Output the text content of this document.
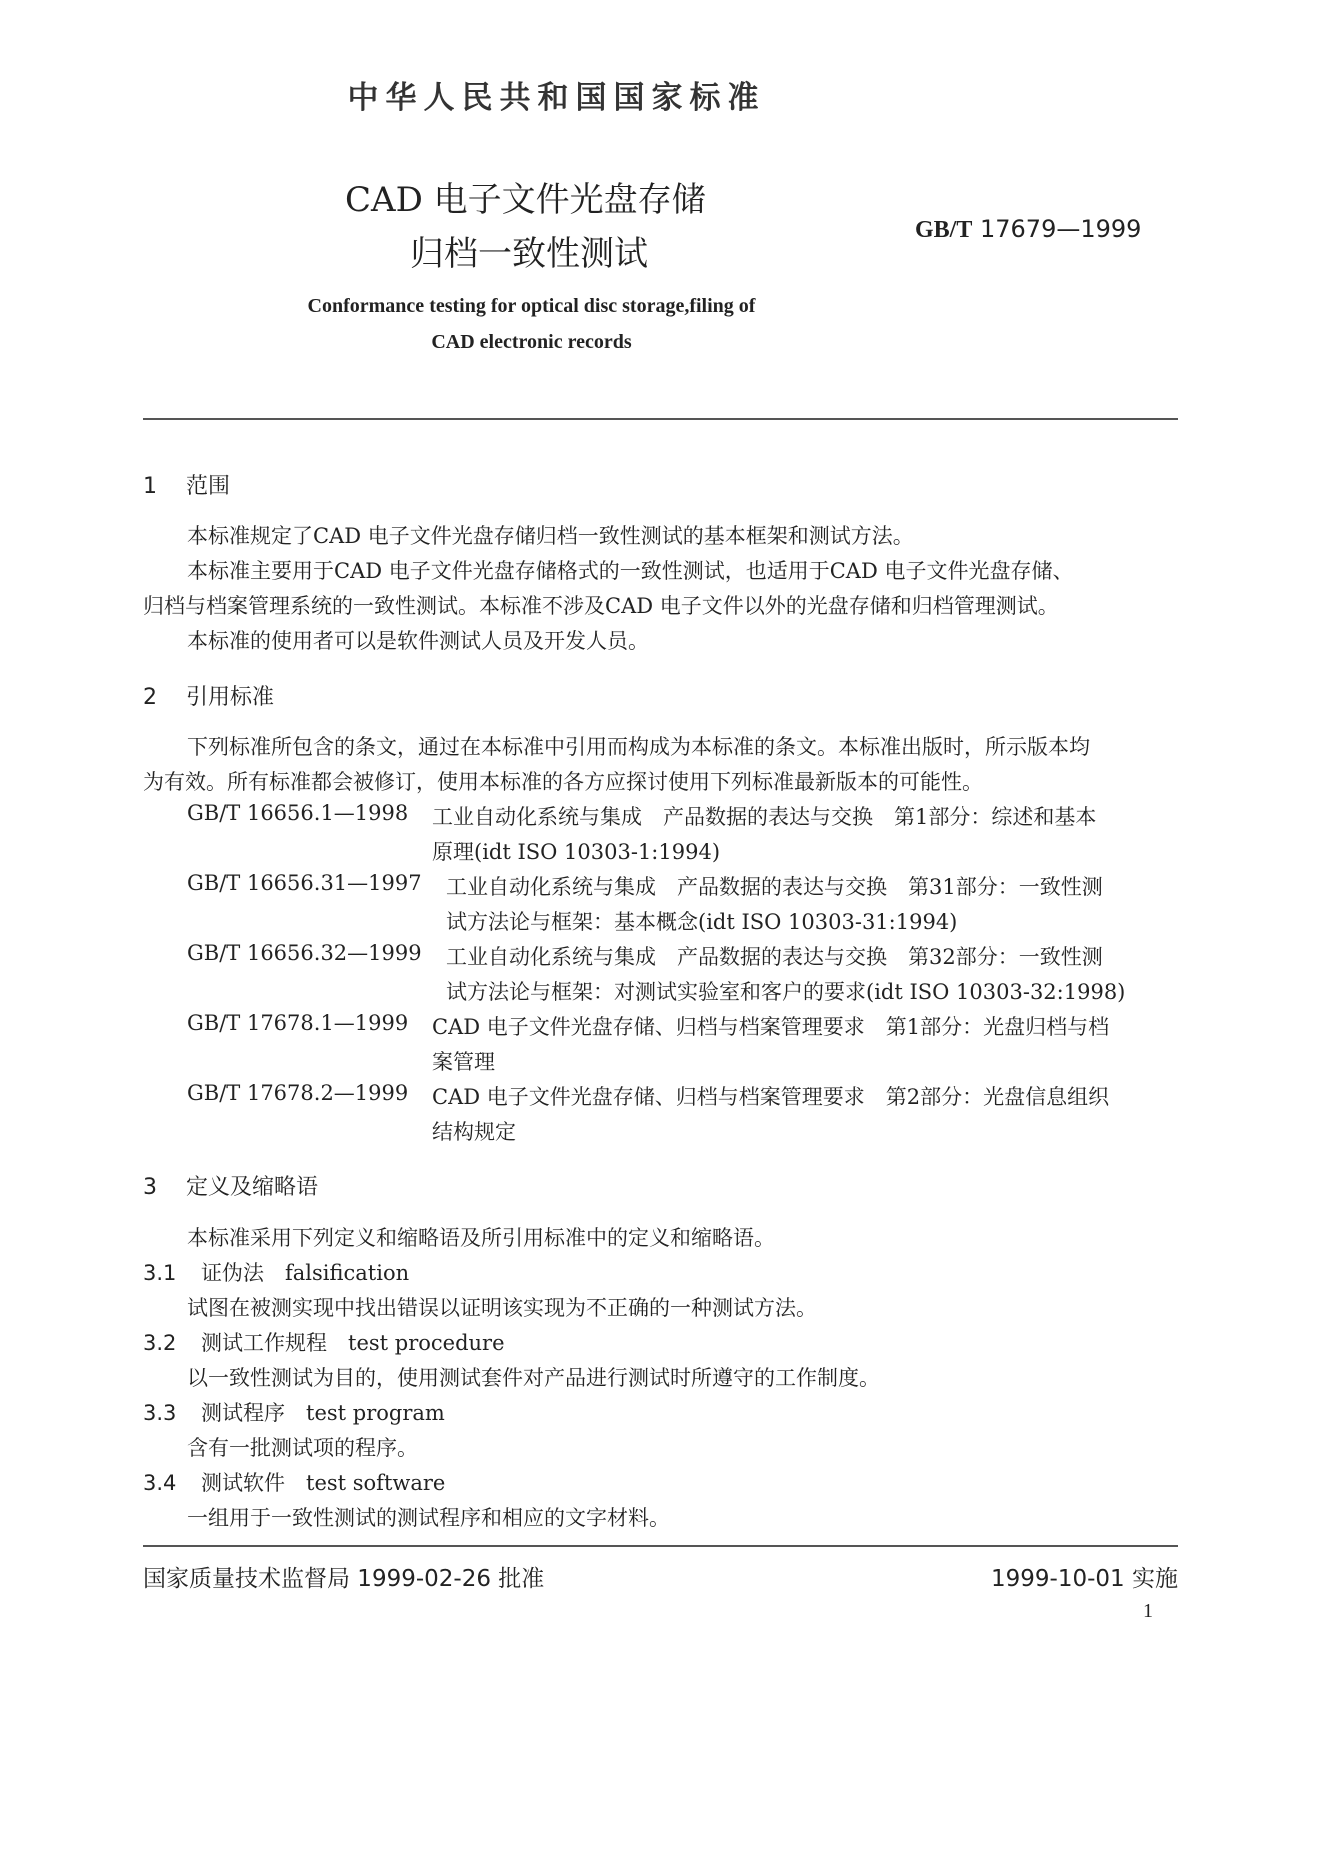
中华人民共和国国家标准
CAD 电子文件光盘存储
归档一致性测试
GB/T 17679—1999
Conformance testing for optical disc storage,filing of
CAD electronic records
1 范围
本标准规定了CAD 电子文件光盘存储归档一致性测试的基本框架和测试方法。
本标准主要用于CAD 电子文件光盘存储格式的一致性测试，也适用于CAD 电子文件光盘存储、
归档与档案管理系统的一致性测试。本标准不涉及CAD 电子文件以外的光盘存储和归档管理测试。
本标准的使用者可以是软件测试人员及开发人员。
2 引用标准
下列标准所包含的条文，通过在本标准中引用而构成为本标准的条文。本标准出版时，所示版本均
为有效。所有标准都会被修订，使用本标准的各方应探讨使用下列标准最新版本的可能性。
GB/T 16656.1—1998 工业自动化系统与集成　产品数据的表达与交换　第1部分：综述和基本
原理(idt ISO 10303-1:1994)
GB/T 16656.31—1997 工业自动化系统与集成　产品数据的表达与交换　第31部分：一致性测
试方法论与框架：基本概念(idt ISO 10303-31:1994)
GB/T 16656.32—1999 工业自动化系统与集成　产品数据的表达与交换　第32部分：一致性测
试方法论与框架：对测试实验室和客户的要求(idt ISO 10303-32:1998)
GB/T 17678.1—1999 CAD 电子文件光盘存储、归档与档案管理要求　第1部分：光盘归档与档
案管理
GB/T 17678.2—1999 CAD 电子文件光盘存储、归档与档案管理要求　第2部分：光盘信息组织
结构规定
3 定义及缩略语
本标准采用下列定义和缩略语及所引用标准中的定义和缩略语。
3.1 证伪法　falsification
试图在被测实现中找出错误以证明该实现为不正确的一种测试方法。
3.2 测试工作规程　test procedure
以一致性测试为目的，使用测试套件对产品进行测试时所遵守的工作制度。
3.3 测试程序　test program
含有一批测试项的程序。
3.4 测试软件　test software
一组用于一致性测试的测试程序和相应的文字材料。
国家质量技术监督局 1999-02-26 批准	1999-10-01 实施
1
